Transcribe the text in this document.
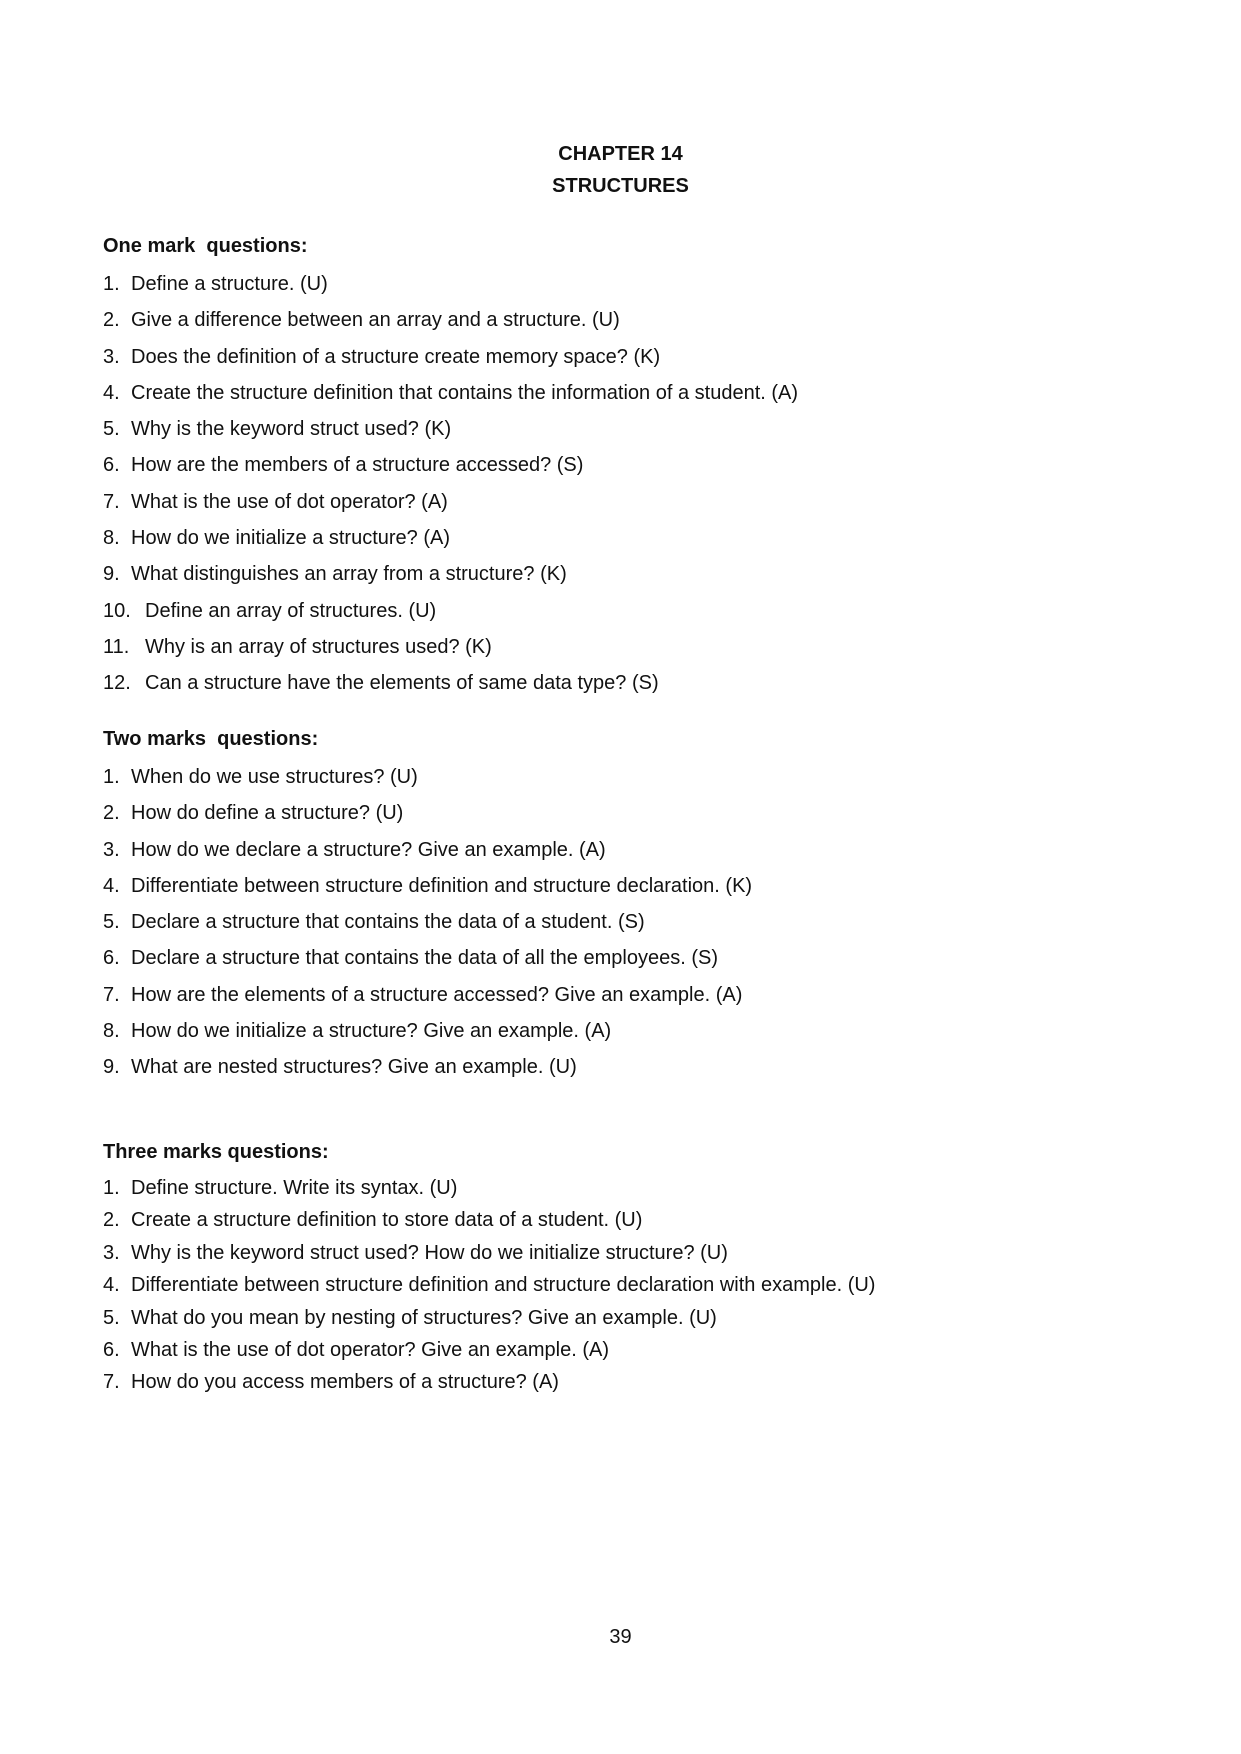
CHAPTER 14
STRUCTURES
One mark  questions:
1. Define a structure. (U)
2. Give a difference between an array and a structure. (U)
3. Does the definition of a structure create memory space? (K)
4. Create the structure definition that contains the information of a student. (A)
5. Why is the keyword struct used? (K)
6. How are the members of a structure accessed? (S)
7. What is the use of dot operator? (A)
8. How do we initialize a structure? (A)
9. What distinguishes an array from a structure? (K)
10. Define an array of structures. (U)
11. Why is an array of structures used? (K)
12. Can a structure have the elements of same data type? (S)
Two marks  questions:
1. When do we use structures? (U)
2. How do define a structure? (U)
3. How do we declare a structure? Give an example. (A)
4. Differentiate between structure definition and structure declaration. (K)
5. Declare a structure that contains the data of a student. (S)
6. Declare a structure that contains the data of all the employees. (S)
7. How are the elements of a structure accessed? Give an example. (A)
8. How do we initialize a structure? Give an example. (A)
9. What are nested structures? Give an example. (U)
Three marks questions:
1. Define structure. Write its syntax. (U)
2. Create a structure definition to store data of a student. (U)
3. Why is the keyword struct used? How do we initialize structure? (U)
4. Differentiate between structure definition and structure declaration with example. (U)
5. What do you mean by nesting of structures? Give an example. (U)
6. What is the use of dot operator? Give an example. (A)
7. How do you access members of a structure? (A)
39
